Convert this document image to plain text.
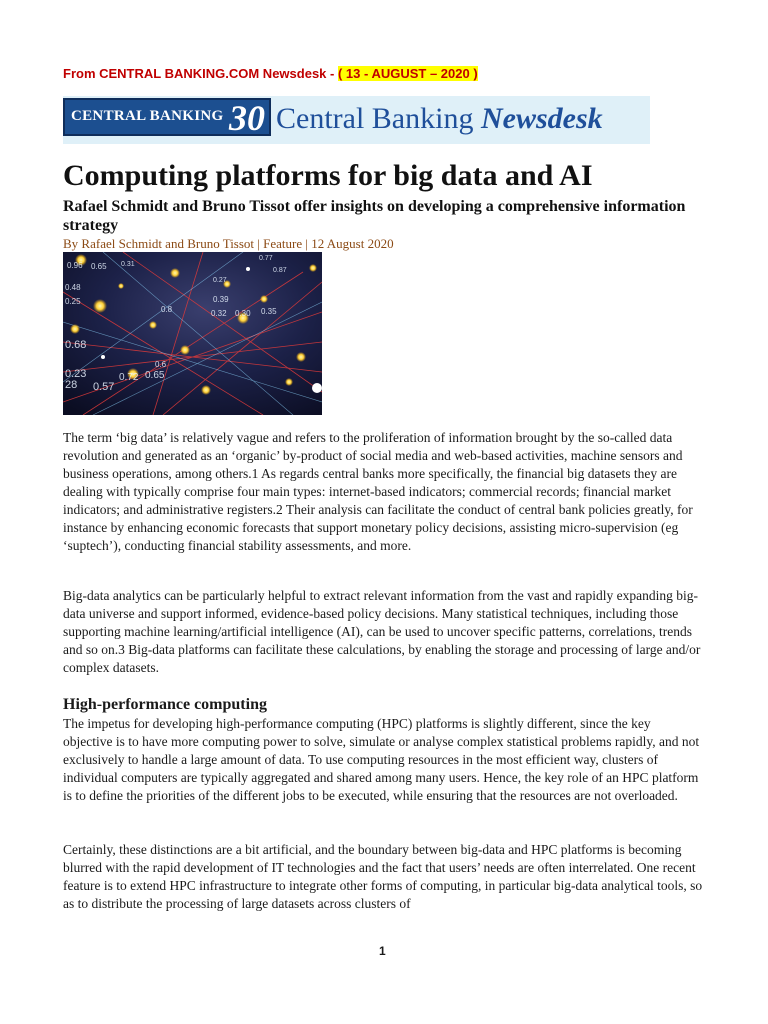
From CENTRAL BANKING.COM Newsdesk - ( 13 - AUGUST – 2020 )
CENTRAL BANKING 30 Central Banking Newsdesk
Computing platforms for big data and AI
Rafael Schmidt and Bruno Tissot offer insights on developing a comprehensive information strategy
By Rafael Schmidt and Bruno Tissot | Feature | 12 August 2020
0.96 0.65 0.31
0.48
0.25
0.68
0.23
0.57
0.72 0.65
0.8
0.39
0.32 0.30 0.35
0.77
0.87
0.27
28
0.6

The term ‘big data’ is relatively vague and refers to the proliferation of information brought by the so-called data revolution and generated as an ‘organic’ by-product of social media and web-based activities, machine sensors and business operations, among others.1 As regards central banks more specifically, the financial big datasets they are dealing with typically comprise four main types: internet-based indicators; commercial records; financial market indicators; and administrative registers.2 Their analysis can facilitate the conduct of central bank policies greatly, for instance by enhancing economic forecasts that support monetary policy decisions, assisting micro-supervision (eg ‘suptech’), conducting financial stability assessments, and more.

Big-data analytics can be particularly helpful to extract relevant information from the vast and rapidly expanding big-data universe and support informed, evidence-based policy decisions. Many statistical techniques, including those supporting machine learning/artificial intelligence (AI), can be used to uncover specific patterns, correlations, trends and so on.3 Big-data platforms can facilitate these calculations, by enabling the storage and processing of large and/or complex datasets.

High-performance computing

The impetus for developing high-performance computing (HPC) platforms is slightly different, since the key objective is to have more computing power to solve, simulate or analyse complex statistical problems rapidly, and not exclusively to handle a large amount of data. To use computing resources in the most efficient way, clusters of individual computers are typically aggregated and shared among many users. Hence, the key role of an HPC platform is to define the priorities of the different jobs to be executed, while ensuring that the resources are not overloaded.

Certainly, these distinctions are a bit artificial, and the boundary between big-data and HPC platforms is becoming blurred with the rapid development of IT technologies and the fact that users’ needs are often interrelated. One recent feature is to extend HPC infrastructure to integrate other forms of computing, in particular big-data analytical tools, so as to distribute the processing of large datasets across clusters of

1
